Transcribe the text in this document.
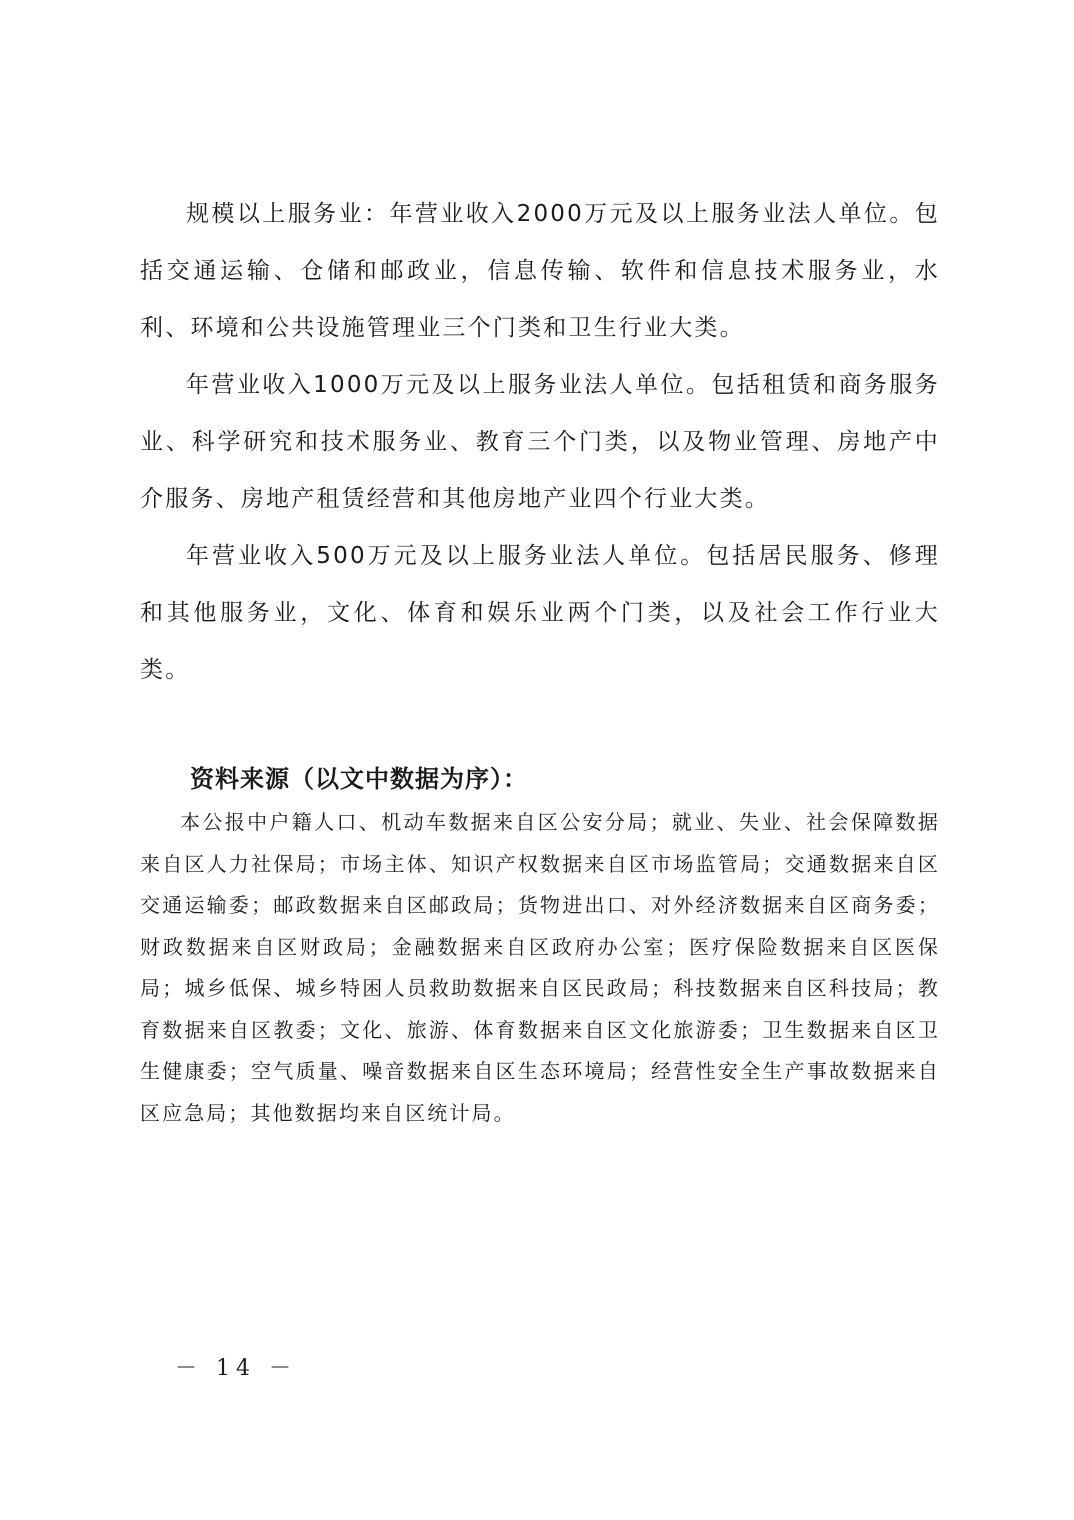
规模以上服务业：年营业收入2000万元及以上服务业法人单位。包括交通运输、仓储和邮政业，信息传输、软件和信息技术服务业，水利、环境和公共设施管理业三个门类和卫生行业大类。

年营业收入1000万元及以上服务业法人单位。包括租赁和商务服务业、科学研究和技术服务业、教育三个门类，以及物业管理、房地产中介服务、房地产租赁经营和其他房地产业四个行业大类。

年营业收入500万元及以上服务业法人单位。包括居民服务、修理和其他服务业，文化、体育和娱乐业两个门类，以及社会工作行业大类。

资料来源（以文中数据为序）：

本公报中户籍人口、机动车数据来自区公安分局；就业、失业、社会保障数据来自区人力社保局；市场主体、知识产权数据来自区市场监管局；交通数据来自区交通运输委；邮政数据来自区邮政局；货物进出口、对外经济数据来自区商务委；财政数据来自区财政局；金融数据来自区政府办公室；医疗保险数据来自区医保局；城乡低保、城乡特困人员救助数据来自区民政局；科技数据来自区科技局；教育数据来自区教委；文化、旅游、体育数据来自区文化旅游委；卫生数据来自区卫生健康委；空气质量、噪音数据来自区生态环境局；经营性安全生产事故数据来自区应急局；其他数据均来自区统计局。

－ 14 －
